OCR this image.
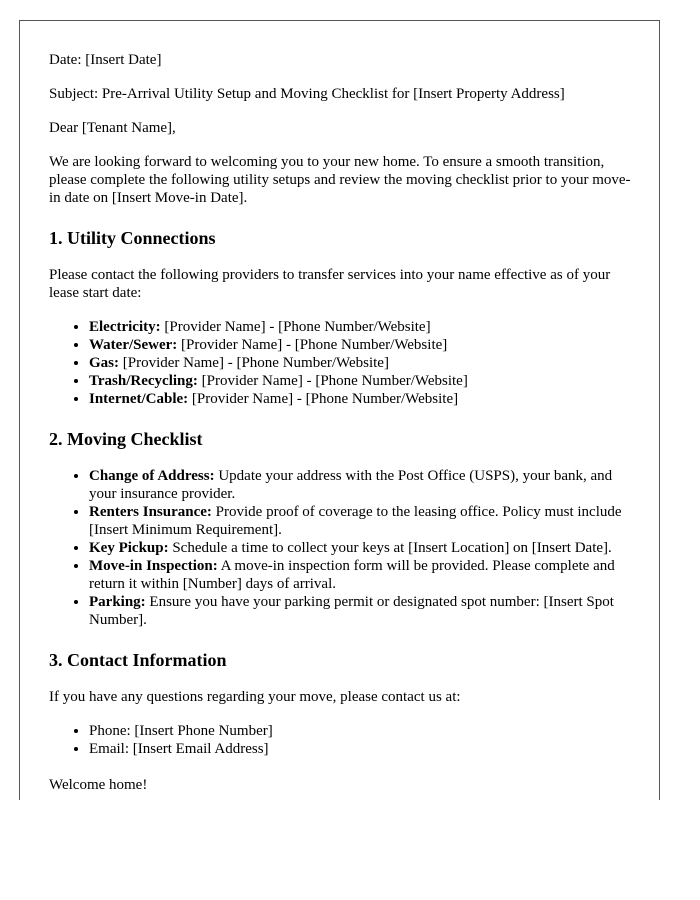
Date: [Insert Date]

Subject: Pre-Arrival Utility Setup and Moving Checklist for [Insert Property Address]

Dear [Tenant Name],

We are looking forward to welcoming you to your new home. To ensure a smooth transition, please complete the following utility setups and review the moving checklist prior to your move-in date on [Insert Move-in Date].

1. Utility Connections

Please contact the following providers to transfer services into your name effective as of your lease start date:

• Electricity: [Provider Name] - [Phone Number/Website]
• Water/Sewer: [Provider Name] - [Phone Number/Website]
• Gas: [Provider Name] - [Phone Number/Website]
• Trash/Recycling: [Provider Name] - [Phone Number/Website]
• Internet/Cable: [Provider Name] - [Phone Number/Website]
2. Moving Checklist
• Change of Address: Update your address with the Post Office (USPS), your bank, and your insurance provider.
• Renters Insurance: Provide proof of coverage to the leasing office. Policy must include [Insert Minimum Requirement].
• Key Pickup: Schedule a time to collect your keys at [Insert Location] on [Insert Date].
• Move-in Inspection: A move-in inspection form will be provided. Please complete and return it within [Number] days of arrival.
• Parking: Ensure you have your parking permit or designated spot number: [Insert Spot Number].
3. Contact Information

If you have any questions regarding your move, please contact us at:

• Phone: [Insert Phone Number]
• Email: [Insert Email Address]

Welcome home!
